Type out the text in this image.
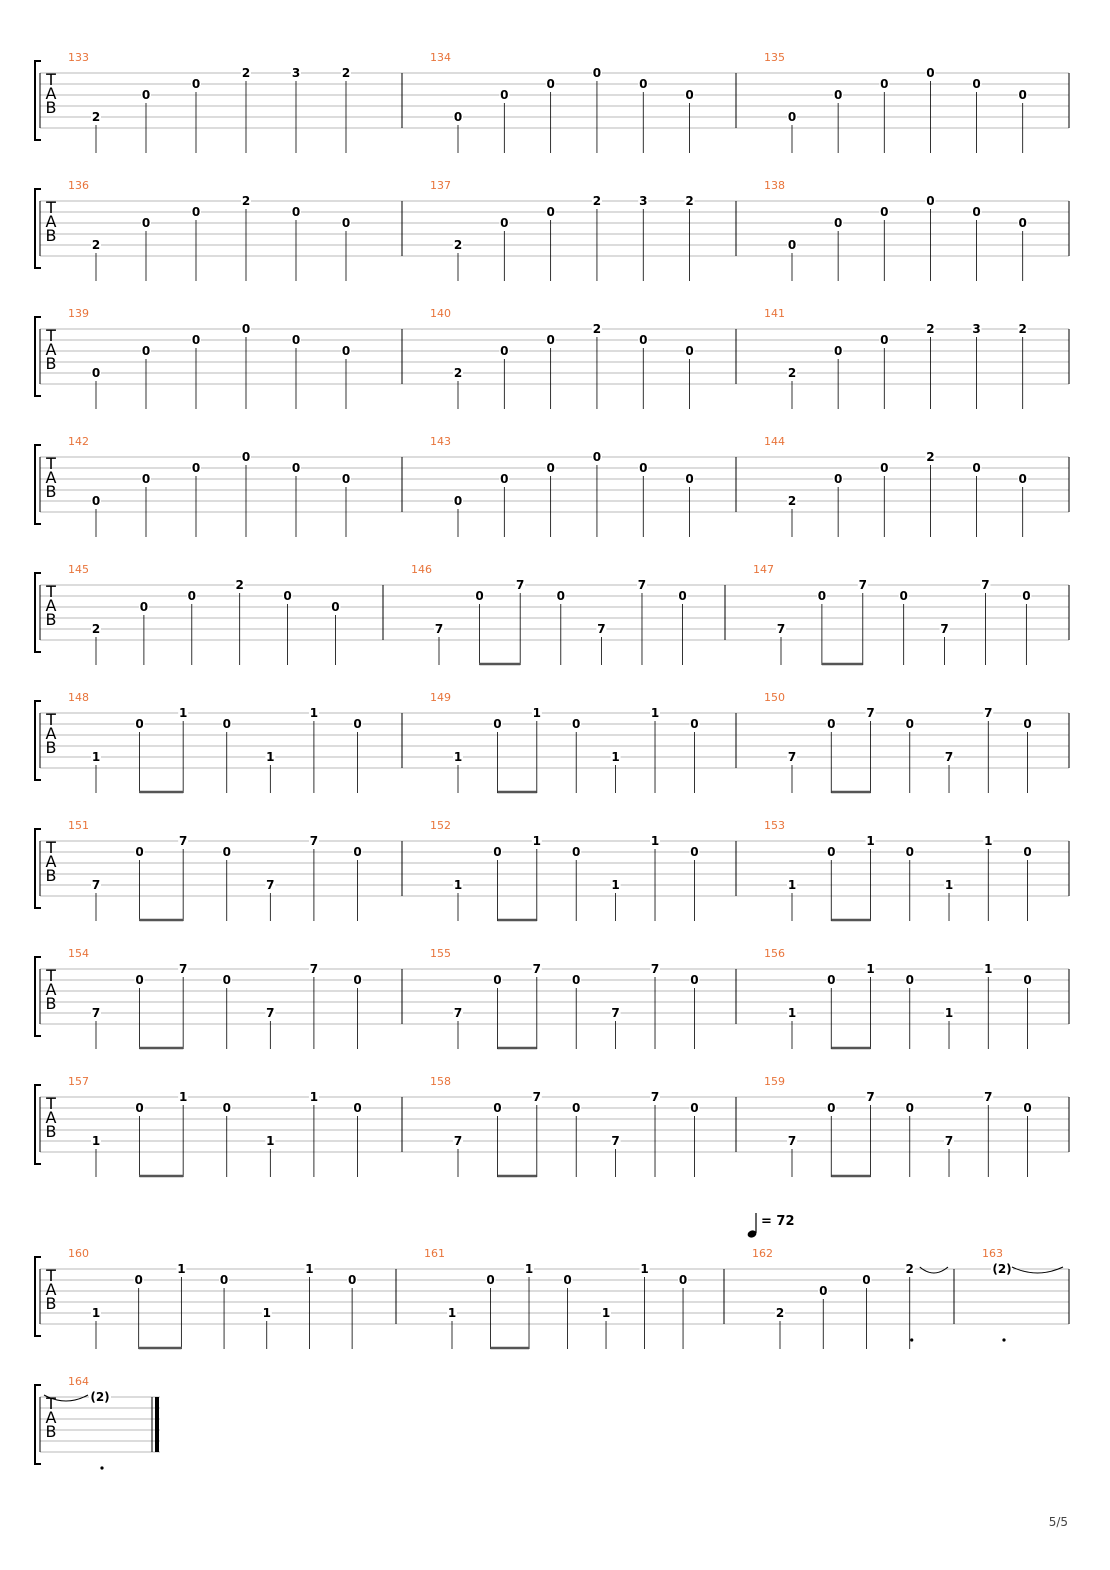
T
A
B
133
2
0
0
2	3	2
134
0
0
0
0
0
0
135
0
0
0
0
0
0
T
A
B
136
2
0
0
2
0
0
137
2
0
0
2	3	2
138
0
0
0
0
0
0
T
A
B
139
0
0
0
0
0
0
140
2
0
0
2
0
0
141
2
0
0
2	3	2
T
A
B
142
0
0
0
0
0
0
143
0
0
0
0
0
0
144
2
0
0
2
0
0
T
A
B
145
2
0
0
2
0
0
146
7
0
7
0
7
7
0
147
7
0
7
0
7
7
0
T
A
B
148
1
0
1
0
1
1
0
149
1
0
1
0
1
1
0
150
7
0
7
0
7
7
0
T
A
B
151
7
0
7
0
7
7
0
152
1
0
1
0
1
1
0
153
1
0
1
0
1
1
0
T
A
B
154
7
0
7
0
7
7
0
155
7
0
7
0
7
7
0
156
1
0
1
0
1
1
0
T
A
B
157
1
0
1
0
1
1
0
158
7
0
7
0
7
7
0
159
7
0
7
0
7
7
0
T
A
B
160
1
0
1
0
1
1
0
161
1
0
1
0
1
1
0
162
2
0
0
2
163
(2)
T
A
B
164
(2)
= 72
5/5
